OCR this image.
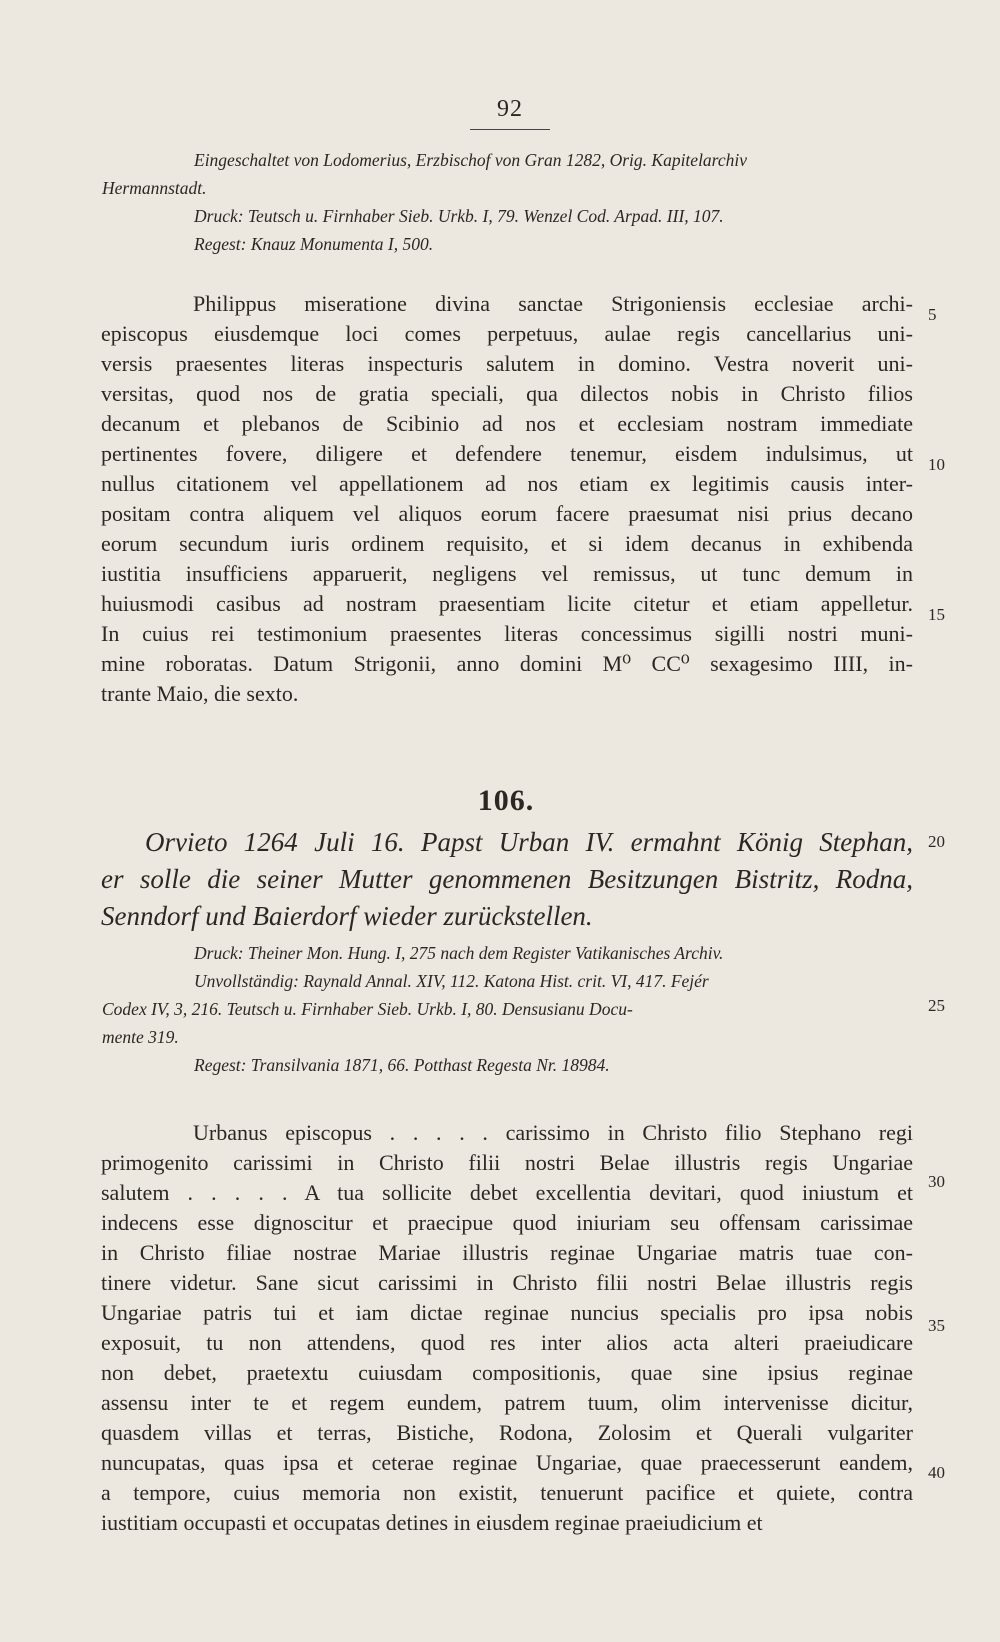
92
Eingeschaltet von Lodomerius, Erzbischof von Gran 1282, Orig. Kapitelarchiv
Hermannstadt.
Druck: Teutsch u. Firnhaber Sieb. Urkb. I, 79. Wenzel Cod. Arpad. III, 107.
Regest: Knauz Monumenta I, 500.
Philippus miseratione divina sanctae Strigoniensis ecclesiae archi-
episcopus eiusdemque loci comes perpetuus, aulae regis cancellarius uni-
versis praesentes literas inspecturis salutem in domino. Vestra noverit uni-
versitas, quod nos de gratia speciali, qua dilectos nobis in Christo filios
decanum et plebanos de Scibinio ad nos et ecclesiam nostram immediate
pertinentes fovere, diligere et defendere tenemur, eisdem indulsimus, ut
nullus citationem vel appellationem ad nos etiam ex legitimis causis inter-
positam contra aliquem vel aliquos eorum facere praesumat nisi prius decano
eorum secundum iuris ordinem requisito, et si idem decanus in exhibenda
iustitia insufficiens apparuerit, negligens vel remissus, ut tunc demum in
huiusmodi casibus ad nostram praesentiam licite citetur et etiam appelletur.
In cuius rei testimonium praesentes literas concessimus sigilli nostri muni-
mine roboratas. Datum Strigonii, anno domini M⁰ CC⁰ sexagesimo IIII, in-
trante Maio, die sexto.
106.
Orvieto 1264 Juli 16. Papst Urban IV. ermahnt König Stephan,
er solle die seiner Mutter genommenen Besitzungen Bistritz, Rodna,
Senndorf und Baierdorf wieder zurückstellen.
Druck: Theiner Mon. Hung. I, 275 nach dem Register Vatikanisches Archiv.
Unvollständig: Raynald Annal. XIV, 112. Katona Hist. crit. VI, 417. Fejér
Codex IV, 3, 216. Teutsch u. Firnhaber Sieb. Urkb. I, 80. Densusianu Docu-
mente 319.
Regest: Transilvania 1871, 66. Potthast Regesta Nr. 18984.
Urbanus episcopus . . . . . carissimo in Christo filio Stephano regi
primogenito carissimi in Christo filii nostri Belae illustris regis Ungariae
salutem . . . . . A tua sollicite debet excellentia devitari, quod iniustum et
indecens esse dignoscitur et praecipue quod iniuriam seu offensam carissimae
in Christo filiae nostrae Mariae illustris reginae Ungariae matris tuae con-
tinere videtur. Sane sicut carissimi in Christo filii nostri Belae illustris regis
Ungariae patris tui et iam dictae reginae nuncius specialis pro ipsa nobis
exposuit, tu non attendens, quod res inter alios acta alteri praeiudicare
non debet, praetextu cuiusdam compositionis, quae sine ipsius reginae
assensu inter te et regem eundem, patrem tuum, olim intervenisse dicitur,
quasdem villas et terras, Bistiche, Rodona, Zolosim et Querali vulgariter
nuncupatas, quas ipsa et ceterae reginae Ungariae, quae praecesserunt eandem,
a tempore, cuius memoria non existit, tenuerunt pacifice et quiete, contra
iustitiam occupasti et occupatas detines in eiusdem reginae praeiudicium et
5
10
15
20
25
30
35
40
